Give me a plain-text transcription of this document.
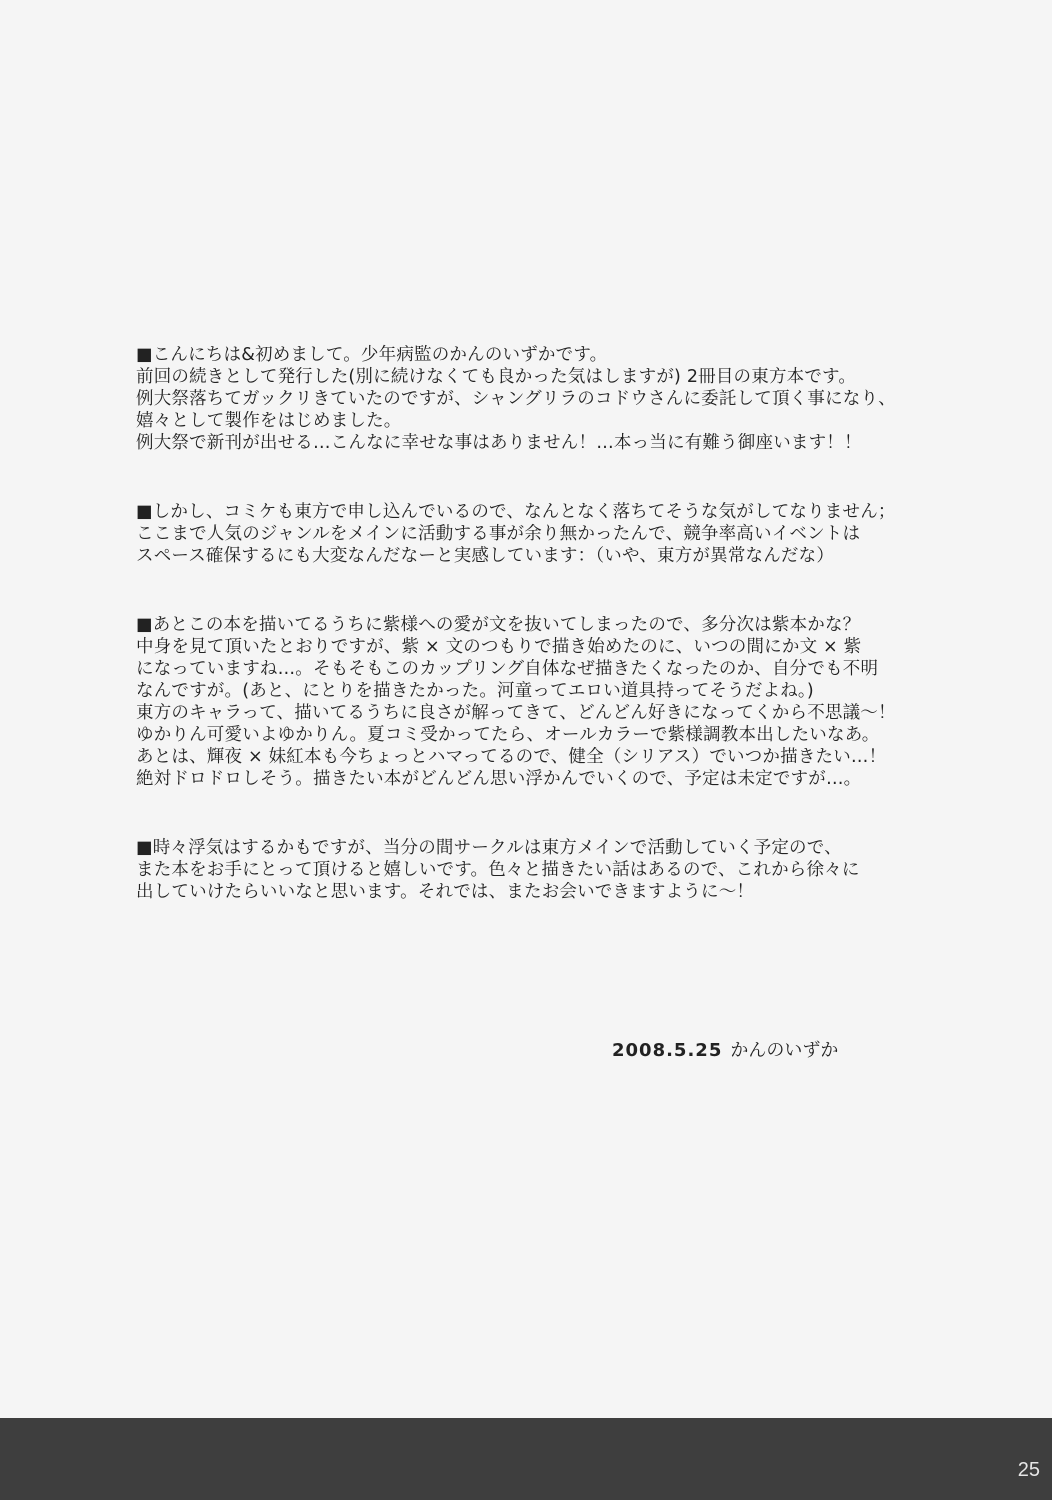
■こんにちは&初めまして。少年病監のかんのいずかです。
前回の続きとして発行した(別に続けなくても良かった気はしますが) 2冊目の東方本です。
例大祭落ちてガックリきていたのですが、シャングリラのコドウさんに委託して頂く事になり、
嬉々として製作をはじめました。
例大祭で新刊が出せる…こんなに幸せな事はありません！…本っ当に有難う御座います！！
■しかし、コミケも東方で申し込んでいるので、なんとなく落ちてそうな気がしてなりません；
ここまで人気のジャンルをメインに活動する事が余り無かったんで、競争率高いイベントは
スペース確保するにも大変なんだなーと実感しています：（いや、東方が異常なんだな）
■あとこの本を描いてるうちに紫様への愛が文を抜いてしまったので、多分次は紫本かな？
中身を見て頂いたとおりですが、紫 × 文のつもりで描き始めたのに、いつの間にか文 × 紫
になっていますね…。そもそもこのカップリング自体なぜ描きたくなったのか、自分でも不明
なんですが。(あと、にとりを描きたかった。河童ってエロい道具持ってそうだよね。)
東方のキャラって、描いてるうちに良さが解ってきて、どんどん好きになってくから不思議～！
ゆかりん可愛いよゆかりん。夏コミ受かってたら、オールカラーで紫様調教本出したいなあ。
あとは、輝夜 × 妹紅本も今ちょっとハマってるので、健全（シリアス）でいつか描きたい…！
絶対ドロドロしそう。描きたい本がどんどん思い浮かんでいくので、予定は未定ですが…。
■時々浮気はするかもですが、当分の間サークルは東方メインで活動していく予定ので、
また本をお手にとって頂けると嬉しいです。色々と描きたい話はあるので、これから徐々に
出していけたらいいなと思います。それでは、またお会いできますように～！
2008.5.25 かんのいずか
25
